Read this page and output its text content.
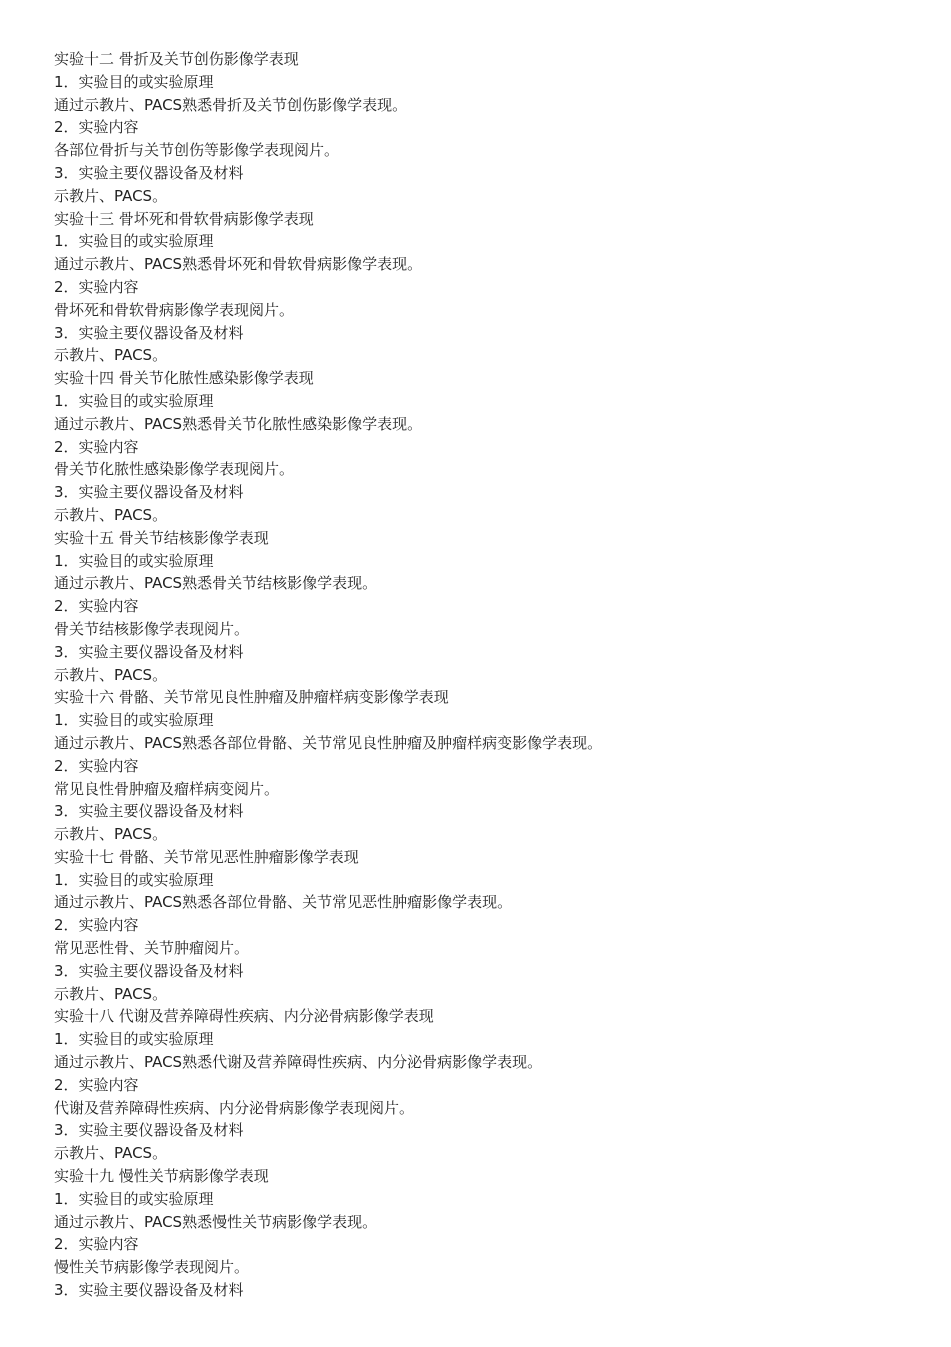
实验十二 骨折及关节创伤影像学表现
1．实验目的或实验原理
通过示教片、PACS熟悉骨折及关节创伤影像学表现。
2．实验内容
各部位骨折与关节创伤等影像学表现阅片。
3．实验主要仪器设备及材料
示教片、PACS。
实验十三 骨坏死和骨软骨病影像学表现
1．实验目的或实验原理
通过示教片、PACS熟悉骨坏死和骨软骨病影像学表现。
2．实验内容
骨坏死和骨软骨病影像学表现阅片。
3．实验主要仪器设备及材料
示教片、PACS。
实验十四 骨关节化脓性感染影像学表现
1．实验目的或实验原理
通过示教片、PACS熟悉骨关节化脓性感染影像学表现。
2．实验内容
骨关节化脓性感染影像学表现阅片。
3．实验主要仪器设备及材料
示教片、PACS。
实验十五 骨关节结核影像学表现
1．实验目的或实验原理
通过示教片、PACS熟悉骨关节结核影像学表现。
2．实验内容
骨关节结核影像学表现阅片。
3．实验主要仪器设备及材料
示教片、PACS。
实验十六 骨骼、关节常见良性肿瘤及肿瘤样病变影像学表现
1．实验目的或实验原理
通过示教片、PACS熟悉各部位骨骼、关节常见良性肿瘤及肿瘤样病变影像学表现。
2．实验内容
常见良性骨肿瘤及瘤样病变阅片。
3．实验主要仪器设备及材料
示教片、PACS。
实验十七 骨骼、关节常见恶性肿瘤影像学表现
1．实验目的或实验原理
通过示教片、PACS熟悉各部位骨骼、关节常见恶性肿瘤影像学表现。
2．实验内容
常见恶性骨、关节肿瘤阅片。
3．实验主要仪器设备及材料
示教片、PACS。
实验十八 代谢及营养障碍性疾病、内分泌骨病影像学表现
1．实验目的或实验原理
通过示教片、PACS熟悉代谢及营养障碍性疾病、内分泌骨病影像学表现。
2．实验内容
代谢及营养障碍性疾病、内分泌骨病影像学表现阅片。
3．实验主要仪器设备及材料
示教片、PACS。
实验十九 慢性关节病影像学表现
1．实验目的或实验原理
通过示教片、PACS熟悉慢性关节病影像学表现。
2．实验内容
慢性关节病影像学表现阅片。
3．实验主要仪器设备及材料
